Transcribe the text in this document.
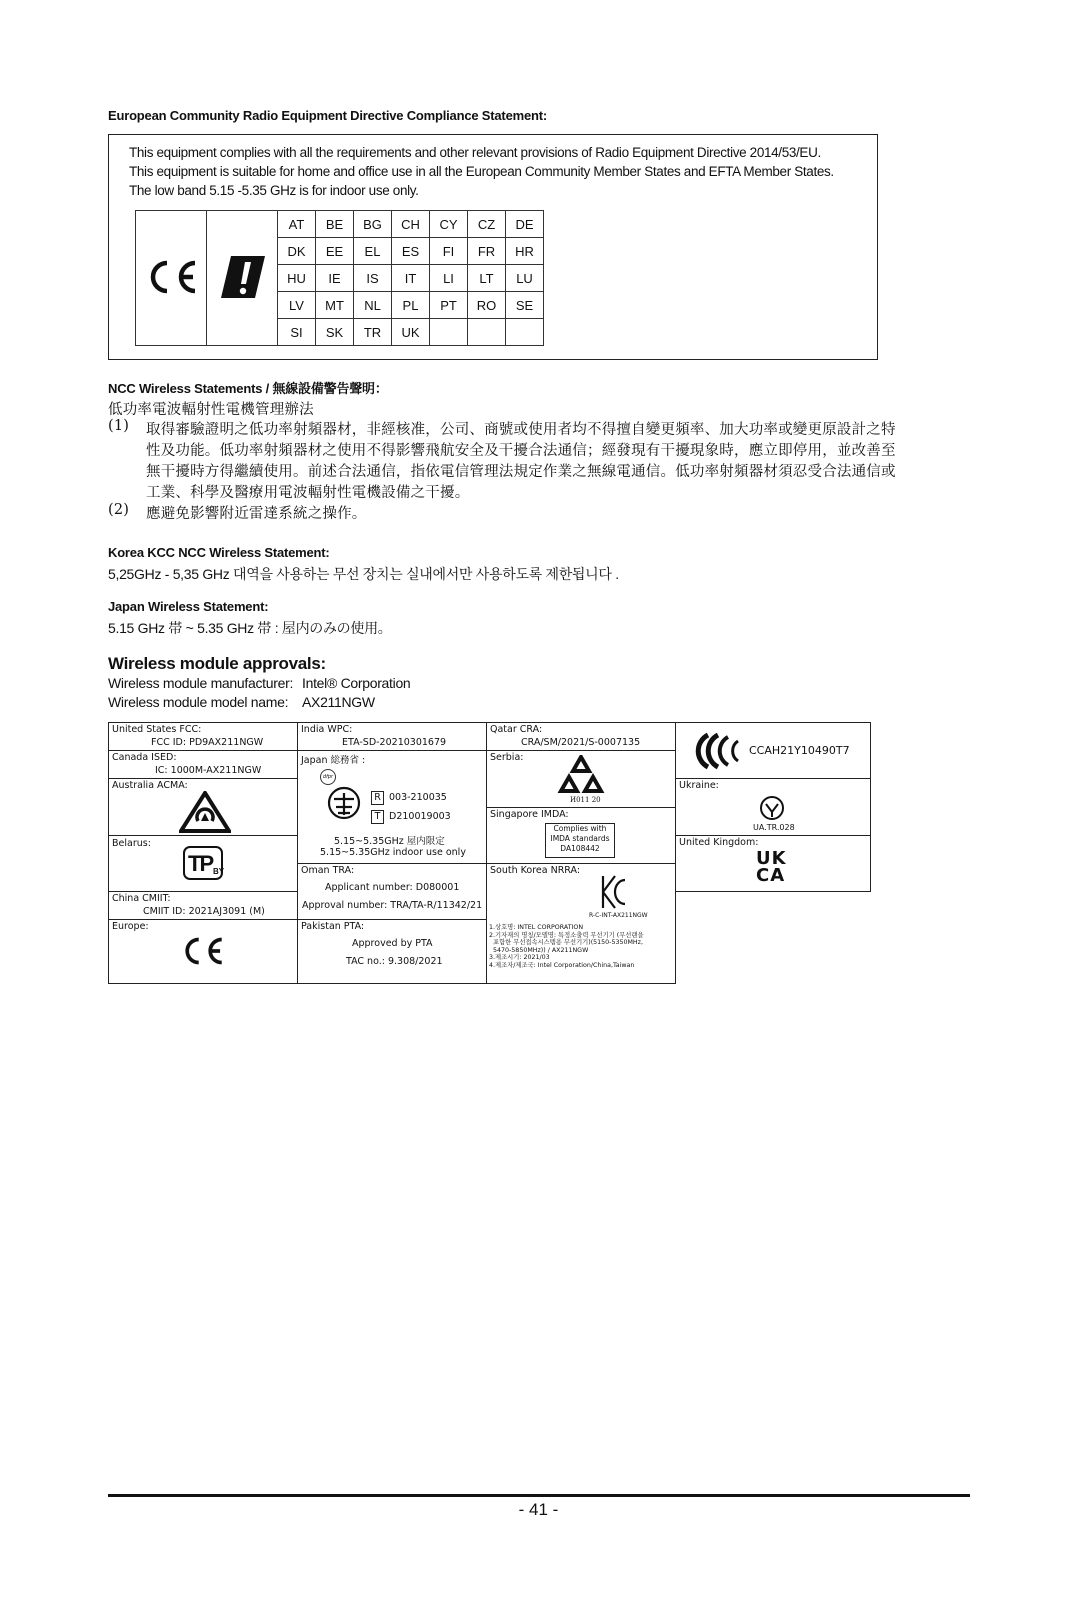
European Community Radio Equipment Directive Compliance Statement:
This equipment complies with all the requirements and other relevant provisions of Radio Equipment Directive 2014/53/EU.
This equipment is suitable for home and office use in all the European Community Member States and EFTA Member States.
The low band 5.15 -5.35 GHz is for indoor use only.
		AT	BE	BG	CH	CY	CZ	DE
		DK	EE	EL	ES	FI	FR	HR
		HU	IE	IS	IT	LI	LT	LU
		LV	MT	NL	PL	PT	RO	SE
		SI	SK	TR	UK			
NCC Wireless Statements / 無線設備警告聲明：
低功率電波輻射性電機管理辦法
(1) 取得審驗證明之低功率射頻器材，非經核准，公司、商號或使用者均不得擅自變更頻率、加大功率或變更原設計之特
性及功能。低功率射頻器材之使用不得影響飛航安全及干擾合法通信；經發現有干擾現象時，應立即停用，並改善至
無干擾時方得繼續使用。前述合法通信，指依電信管理法規定作業之無線電通信。低功率射頻器材須忍受合法通信或
工業、科學及醫療用電波輻射性電機設備之干擾。
(2) 應避免影響附近雷達系統之操作。
Korea KCC NCC Wireless Statement:
5,25GHz - 5,35 GHz 대역을 사용하는 무선 장치는 실내에서만 사용하도록 제한됩니다 .
Japan Wireless Statement:
5.15 GHz 帯 ~ 5.35 GHz 帯 : 屋内のみの使用。
Wireless module approvals:
Wireless module manufacturer: Intel® Corporation
Wireless module model name: AX211NGW
United States FCC:
FCC ID: PD9AX211NGW
Canada ISED:
IC: 1000M-AX211NGW
Australia ACMA:
Belarus:
TP BY
China CMIIT:
CMIIT ID: 2021AJ3091 (M)
Europe:
India WPC:
ETA-SD-20210301679
Japan 総務省 :
dfpr
R 003-210035
T D210019003
5.15~5.35GHz 屋内限定
5.15~5.35GHz indoor use only
Oman TRA:
Applicant number: D080001
Approval number: TRA/TA-R/11342/21
Pakistan PTA:
Approved by PTA
TAC no.: 9.308/2021
Qatar CRA:
CRA/SM/2021/S-0007135
Serbia:
И011 20
Singapore IMDA:
Complies with
IMDA standards
DA108442
South Korea NRRA:
R-C-INT-AX211NGW
1.상호명: INTEL CORPORATION
2.기자재의 명칭/모델명: 특정소출력 무선기기 (무선랜을
포함한 무선접속시스템용 무선기기)(5150-5350MHz,
5470-5850MHz)) / AX211NGW
3.제조시기: 2021/03
4.제조자/제조국: Intel Corporation/China,Taiwan
CCAH21Y10490T7
Ukraine:
UA.TR.028
United Kingdom:
UK
CA
- 41 -
